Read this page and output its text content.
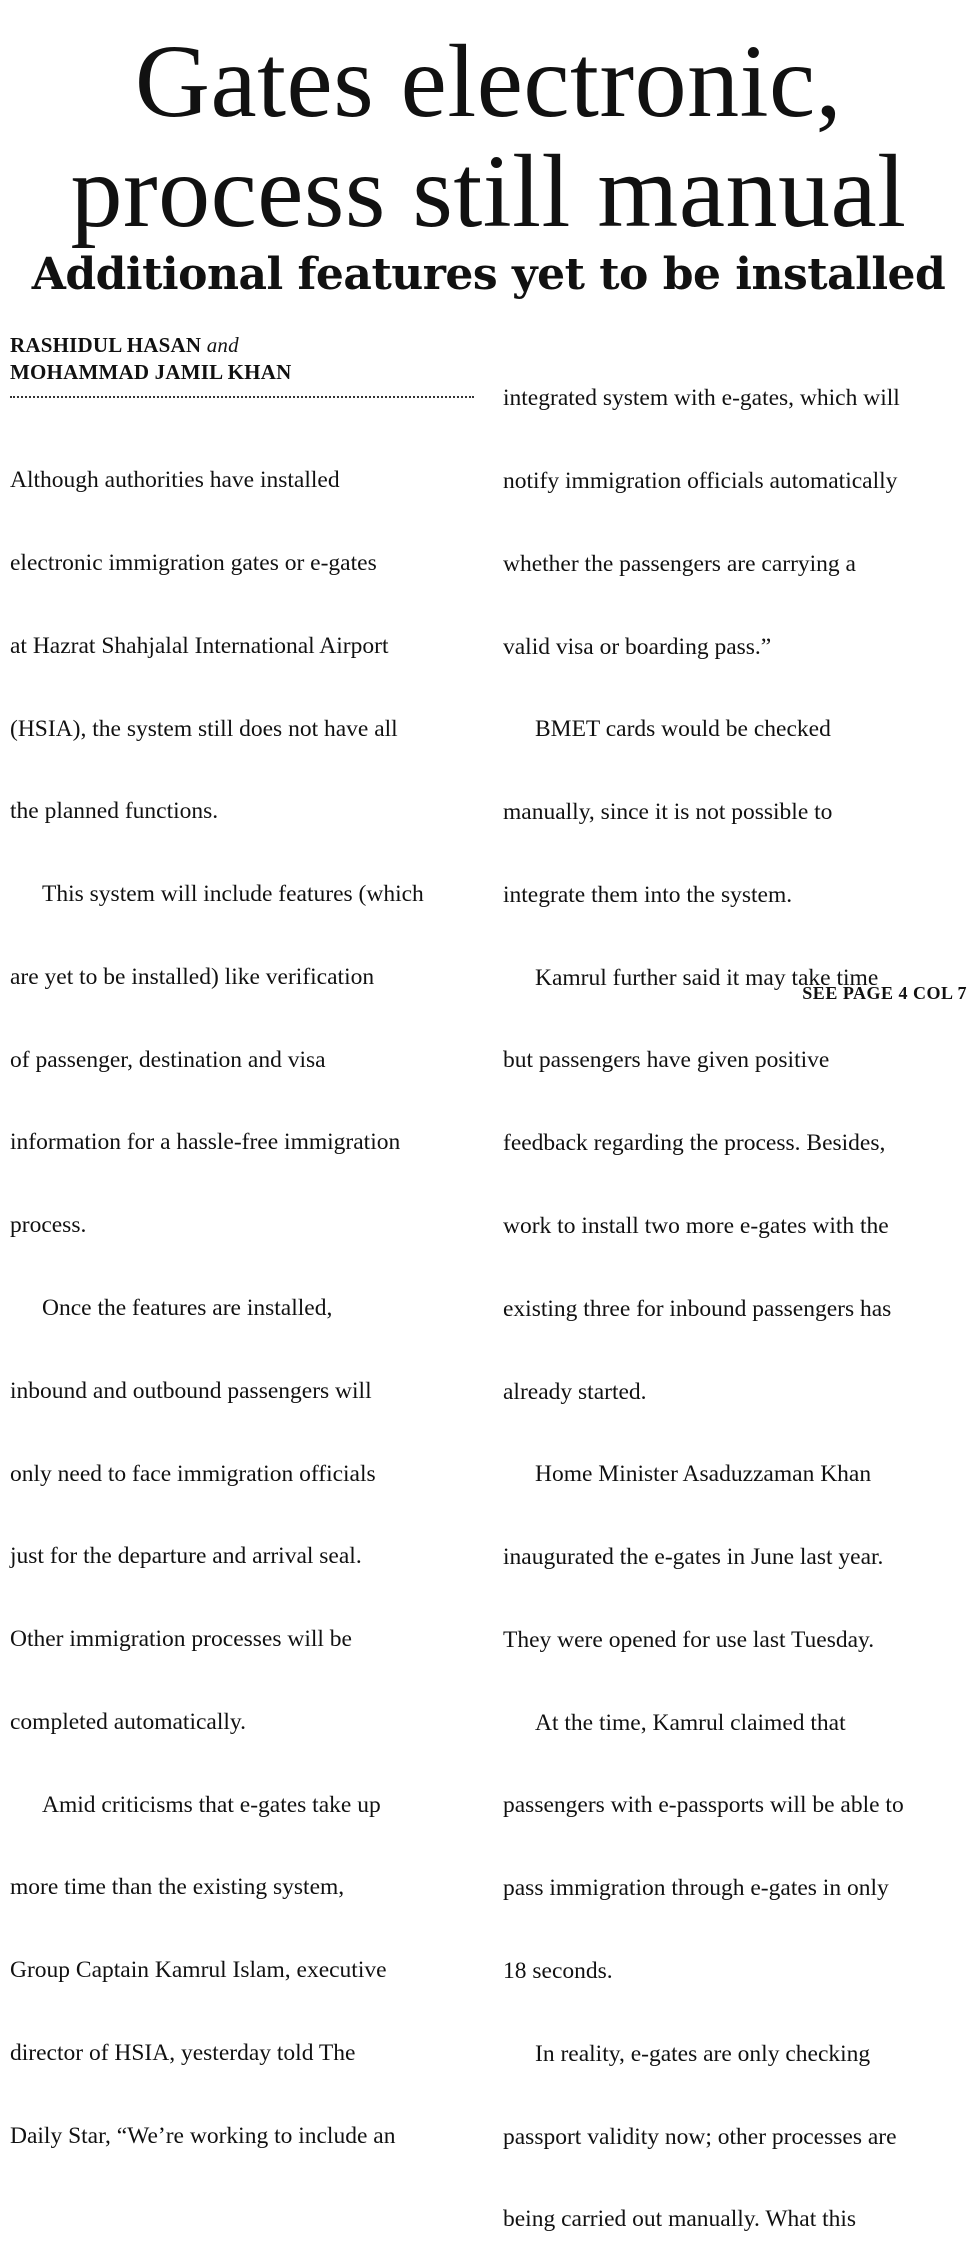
Gates electronic,
process still manual
Additional features yet to be installed
RASHIDUL HASAN and
MOHAMMAD JAMIL KHAN

Although authorities have installed

electronic immigration gates or e-gates

at Hazrat Shahjalal International Airport

(HSIA), the system still does not have all

the planned functions.

This system will include features (which

are yet to be installed) like verification

of passenger, destination and visa

information for a hassle-free immigration

process.

Once the features are installed,

inbound and outbound passengers will

only need to face immigration officials

just for the departure and arrival seal.

Other immigration processes will be

completed automatically.

Amid criticisms that e-gates take up

more time than the existing system,

Group Captain Kamrul Islam, executive

director of HSIA, yesterday told The

Daily Star, “We’re working to include an

integrated system with e-gates, which will

notify immigration officials automatically

whether the passengers are carrying a

valid visa or boarding pass.”

BMET cards would be checked

manually, since it is not possible to

integrate them into the system.

Kamrul further said it may take time

but passengers have given positive

feedback regarding the process. Besides,

work to install two more e-gates with the

existing three for inbound passengers has

already started.

Home Minister Asaduzzaman Khan

inaugurated the e-gates in June last year.

They were opened for use last Tuesday.

At the time, Kamrul claimed that

passengers with e-passports will be able to

pass immigration through e-gates in only

18 seconds.

In reality, e-gates are only checking

passport validity now; other processes are

being carried out manually. What this

SEE PAGE 4 COL 7
